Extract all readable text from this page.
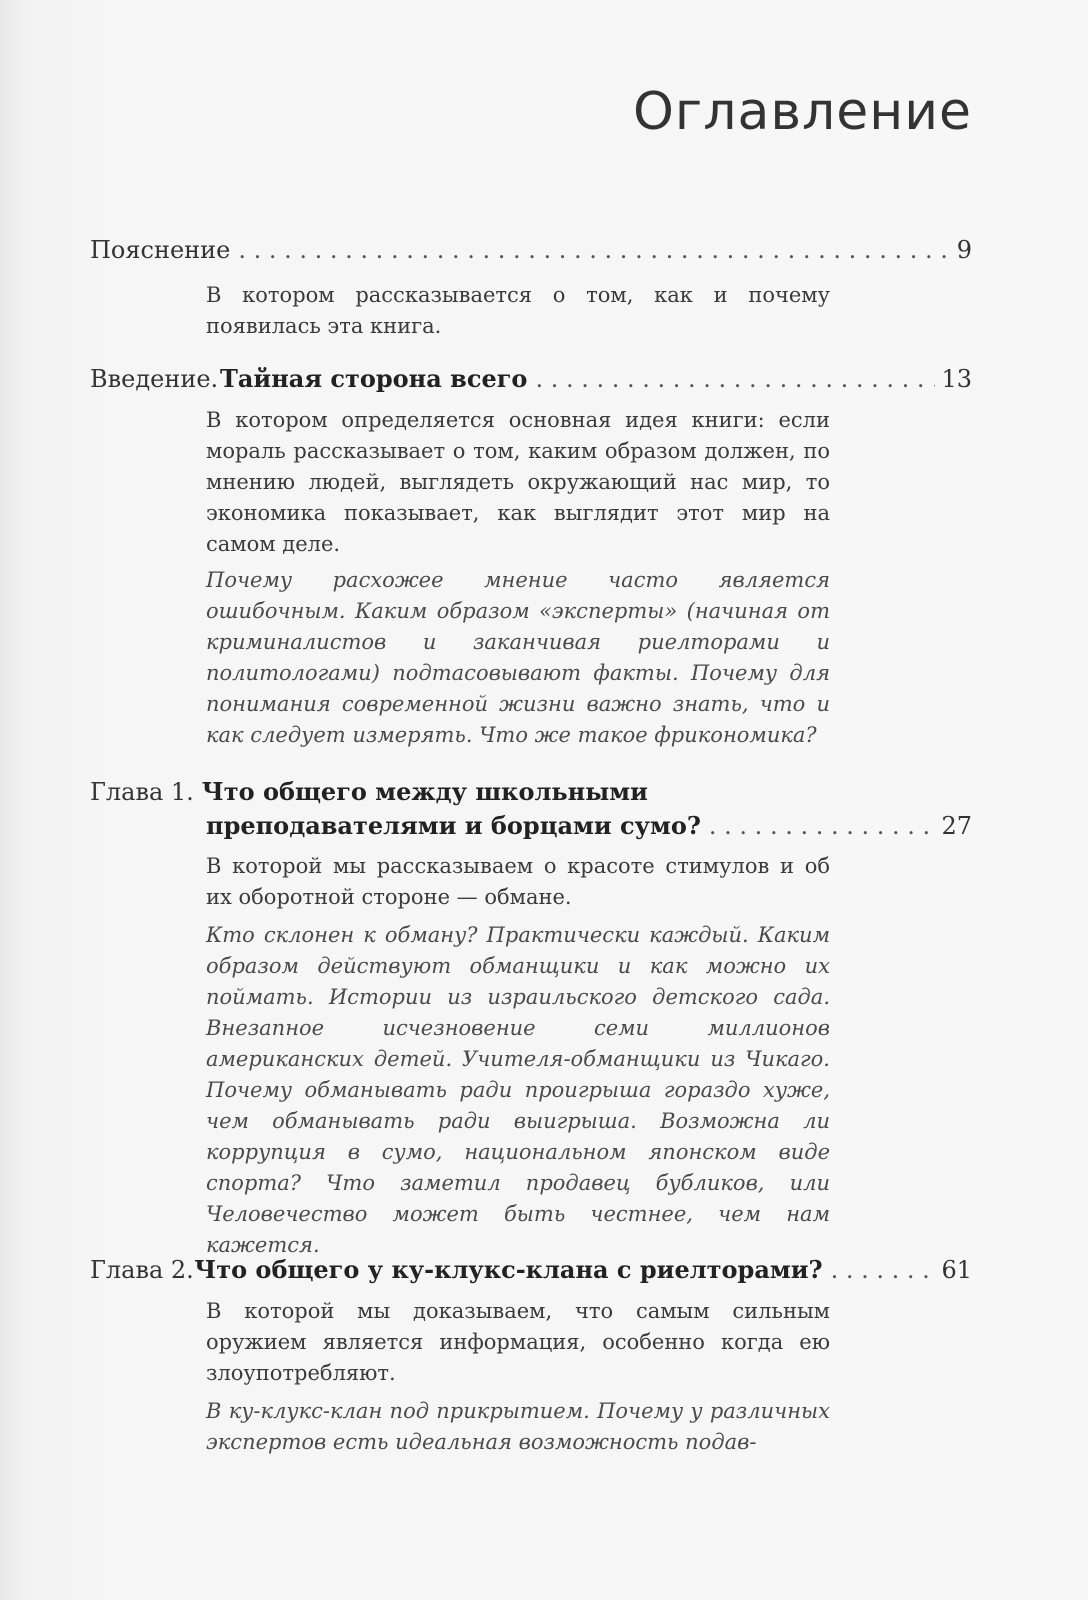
Оглавление
Пояснение . . .	9

В котором рассказывается о том, как и почему появилась эта книга.

Введение. Тайная сторона всего . . .	13

В котором определяется основная идея книги: если мораль рассказывает о том, каким образом должен, по мнению людей, выглядеть окружающий нас мир, то экономика показывает, как выглядит этот мир на самом деле.

Почему расхожее мнение часто является ошибочным. Каким образом «эксперты» (начиная от криминалистов и заканчивая риелторами и политологами) подтасовывают факты. Почему для понимания современной жизни важно знать, что и как следует измерять. Что же такое фрикономика?

Глава 1. Что общего между школьными
преподавателями и борцами сумо? . . .	27

В которой мы рассказываем о красоте стимулов и об их оборотной стороне — обмане.

Кто склонен к обману? Практически каждый. Каким образом действуют обманщики и как можно их поймать. Истории из израильского детского сада. Внезапное исчезновение семи миллионов американских детей. Учителя-обманщики из Чикаго. Почему обманывать ради проигрыша гораздо хуже, чем обманывать ради выигрыша. Возможна ли коррупция в сумо, национальном японском виде спорта? Что заметил продавец бубликов, или Человечество может быть честнее, чем нам кажется.

Глава 2. Что общего у ку-клукс-клана с риелторами? . . .	61

В которой мы доказываем, что самым сильным оружием является информация, особенно когда ею злоупотребляют.

В ку-клукс-клан под прикрытием. Почему у различных экспертов есть идеальная возможность подав-
